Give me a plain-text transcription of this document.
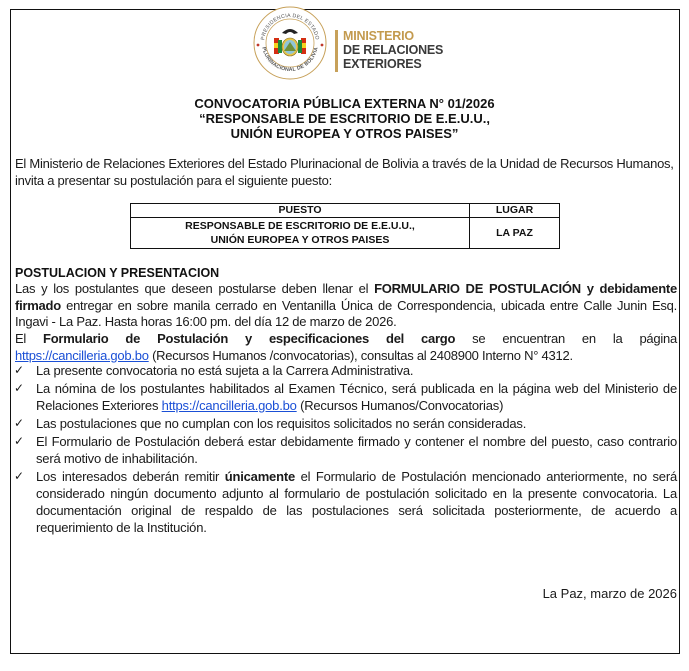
PRESIDENCIA DEL ESTADO
PLURINACIONAL DE BOLIVIA
MINISTERIO
DE RELACIONES
EXTERIORES
CONVOCATORIA PÚBLICA EXTERNA N° 01/2026
“RESPONSABLE DE ESCRITORIO DE E.E.U.U.,
UNIÓN EUROPEA Y OTROS PAISES”
El Ministerio de Relaciones Exteriores del Estado Plurinacional de Bolivia a través de la Unidad de Recursos Humanos, invita a presentar su postulación para el siguiente puesto:
PUESTO	LUGAR

RESPONSABLE DE ESCRITORIO DE E.E.U.U.,
UNIÓN EUROPEA Y OTROS PAISES	LA PAZ
POSTULACION Y PRESENTACION
Las y los postulantes que deseen postularse deben llenar el FORMULARIO DE POSTULACIÓN y debidamente firmado entregar en sobre manila cerrado en Ventanilla Única de Correspondencia, ubicada entre Calle Junin Esq. Ingavi - La Paz. Hasta horas 16:00 pm. del día 12 de marzo de 2026.
El Formulario de Postulación y especificaciones del cargo se encuentran en la página
https://cancilleria.gob.bo (Recursos Humanos /convocatorias), consultas al 2408900 Interno N° 4312.
✓ La presente convocatoria no está sujeta a la Carrera Administrativa.
✓ La nómina de los postulantes habilitados al Examen Técnico, será publicada en la página web del Ministerio de Relaciones Exteriores https://cancilleria.gob.bo (Recursos Humanos/Convocatorias)
✓ Las postulaciones que no cumplan con los requisitos solicitados no serán consideradas.
✓ El Formulario de Postulación deberá estar debidamente firmado y contener el nombre del puesto, caso contrario será motivo de inhabilitación.
✓ Los interesados deberán remitir únicamente el Formulario de Postulación mencionado anteriormente, no será considerado ningún documento adjunto al formulario de postulación solicitado en la presente convocatoria. La documentación original de respaldo de las postulaciones será solicitada posteriormente, de acuerdo a requerimiento de la Institución.
La Paz, marzo de 2026
